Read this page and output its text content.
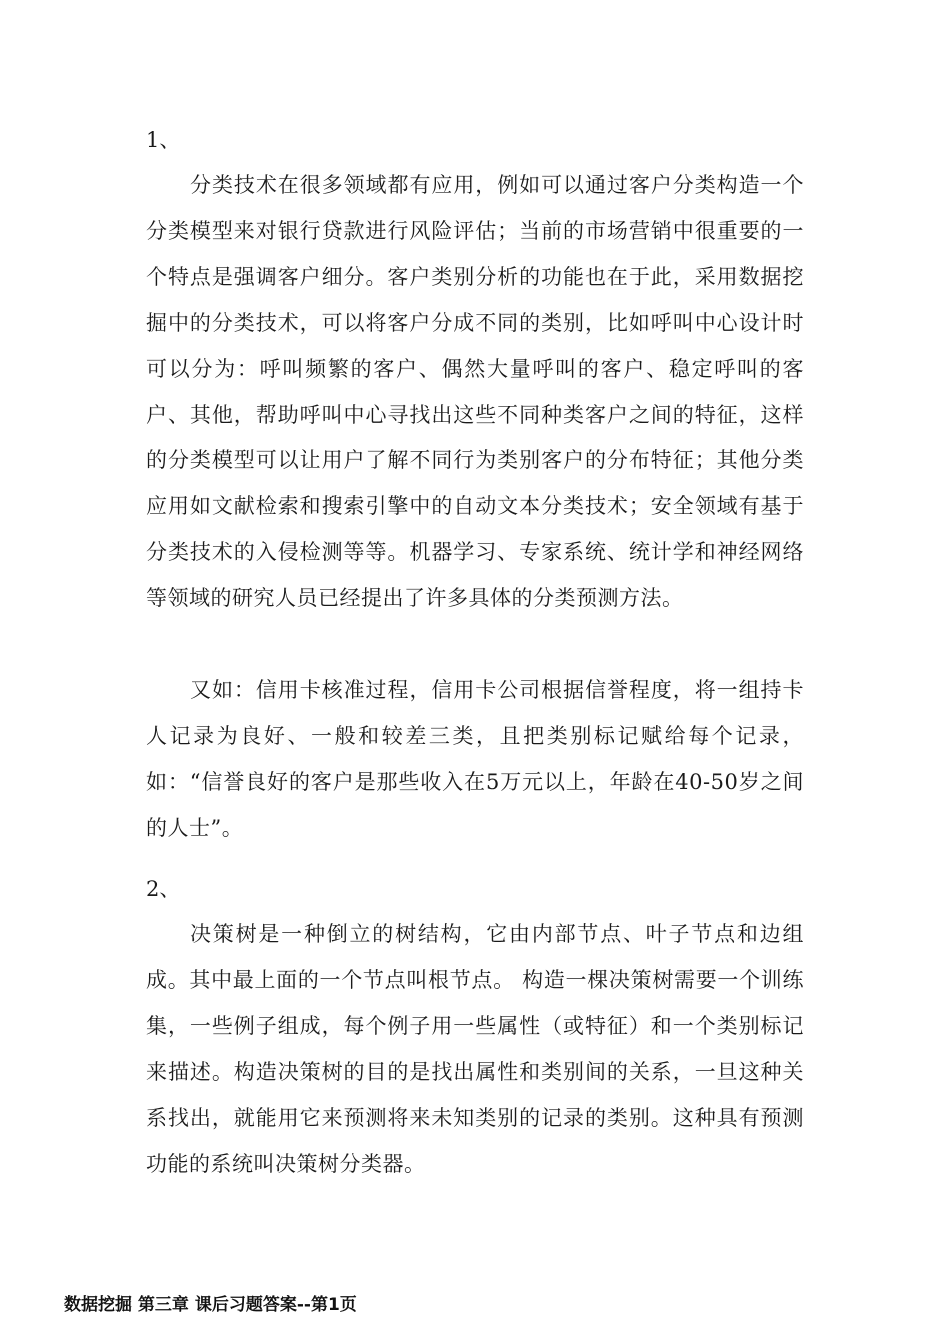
1、

分类技术在很多领域都有应用，例如可以通过客户分类构造一个分类模型来对银行贷款进行风险评估；当前的市场营销中很重要的一个特点是强调客户细分。客户类别分析的功能也在于此，采用数据挖掘中的分类技术，可以将客户分成不同的类别，比如呼叫中心设计时可以分为：呼叫频繁的客户、偶然大量呼叫的客户、稳定呼叫的客户、其他，帮助呼叫中心寻找出这些不同种类客户之间的特征，这样的分类模型可以让用户了解不同行为类别客户的分布特征；其他分类应用如文献检索和搜索引擎中的自动文本分类技术；安全领域有基于分类技术的入侵检测等等。机器学习、专家系统、统计学和神经网络等领域的研究人员已经提出了许多具体的分类预测方法。

又如：信用卡核准过程，信用卡公司根据信誉程度，将一组持卡人记录为良好、一般和较差三类，且把类别标记赋给每个记录，如：“信誉良好的客户是那些收入在5万元以上，年龄在40-50岁之间的人士”。

2、

决策树是一种倒立的树结构，它由内部节点、叶子节点和边组成。其中最上面的一个节点叫根节点。 构造一棵决策树需要一个训练集，一些例子组成，每个例子用一些属性（或特征）和一个类别标记来描述。构造决策树的目的是找出属性和类别间的关系，一旦这种关系找出，就能用它来预测将来未知类别的记录的类别。这种具有预测功能的系统叫决策树分类器。

数据挖掘 第三章 课后习题答案--第1页
